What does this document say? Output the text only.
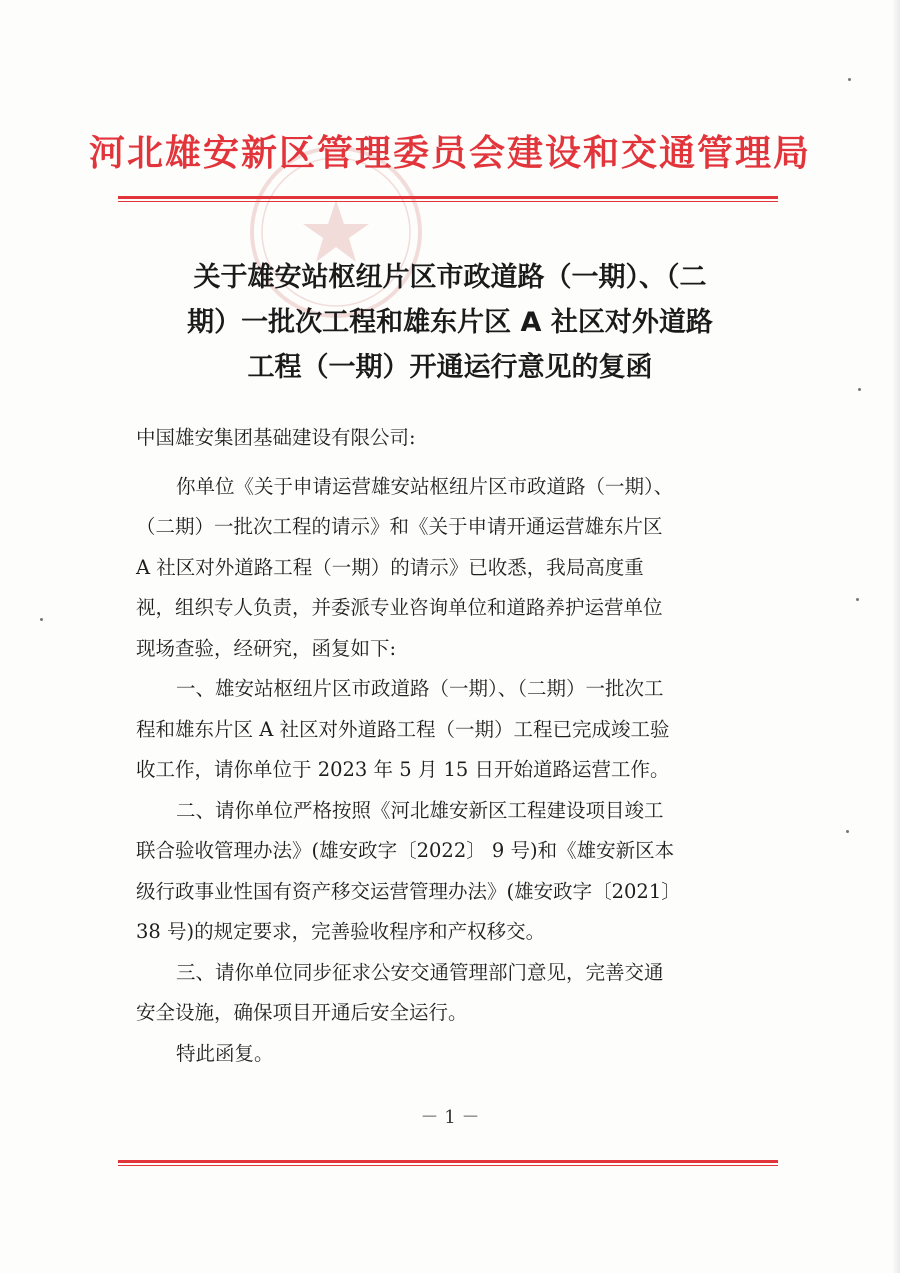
河北雄安新区管理委员会建设和交通管理局
关于雄安站枢纽片区市政道路（一期）、（二
期）一批次工程和雄东片区 A 社区对外道路
工程（一期）开通运行意见的复函
中国雄安集团基础建设有限公司:
你单位《关于申请运营雄安站枢纽片区市政道路（一期）、
（二期）一批次工程的请示》和《关于申请开通运营雄东片区
A 社区对外道路工程（一期）的请示》已收悉，我局高度重
视，组织专人负责，并委派专业咨询单位和道路养护运营单位
现场查验，经研究，函复如下:
一、雄安站枢纽片区市政道路（一期）、（二期）一批次工
程和雄东片区 A 社区对外道路工程（一期）工程已完成竣工验
收工作，请你单位于 2023 年 5 月 15 日开始道路运营工作。
二、请你单位严格按照《河北雄安新区工程建设项目竣工
联合验收管理办法》(雄安政字〔2022〕 9 号)和《雄安新区本
级行政事业性国有资产移交运营管理办法》(雄安政字〔2021〕
38 号)的规定要求，完善验收程序和产权移交。
三、请你单位同步征求公安交通管理部门意见，完善交通
安全设施，确保项目开通后安全运行。
特此函复。
－ 1 －
